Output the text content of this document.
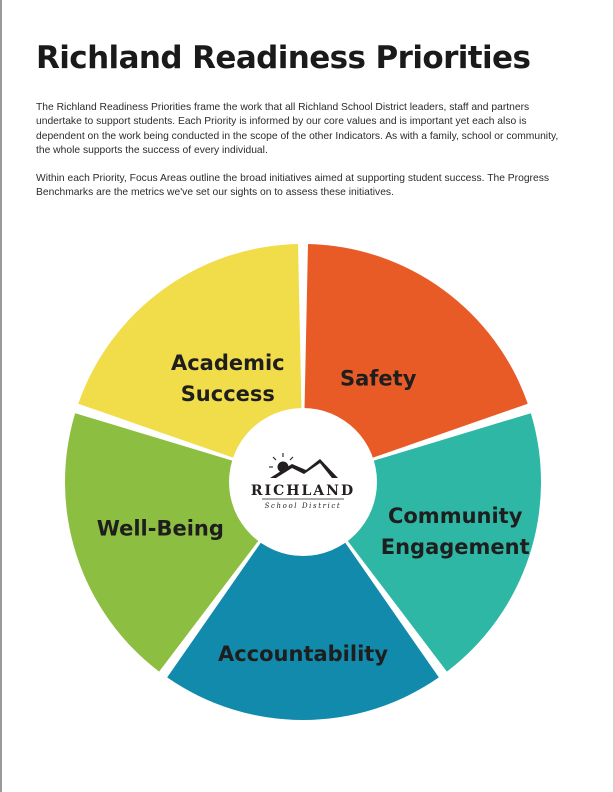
Richland Readiness Priorities

The Richland Readiness Priorities frame the work that all Richland School District leaders, staff and partners undertake to support students. Each Priority is informed by our core values and is important yet each also is dependent on the work being conducted in the scope of the other Indicators. As with a family, school or community, the whole supports the success of every individual.

Within each Priority, Focus Areas outline the broad initiatives aimed at supporting student success. The Progress Benchmarks are the metrics we've set our sights on to assess these initiatives.

Safety
Community Engagement
Accountability
Well-Being
Academic Success
RICHLAND
School District
